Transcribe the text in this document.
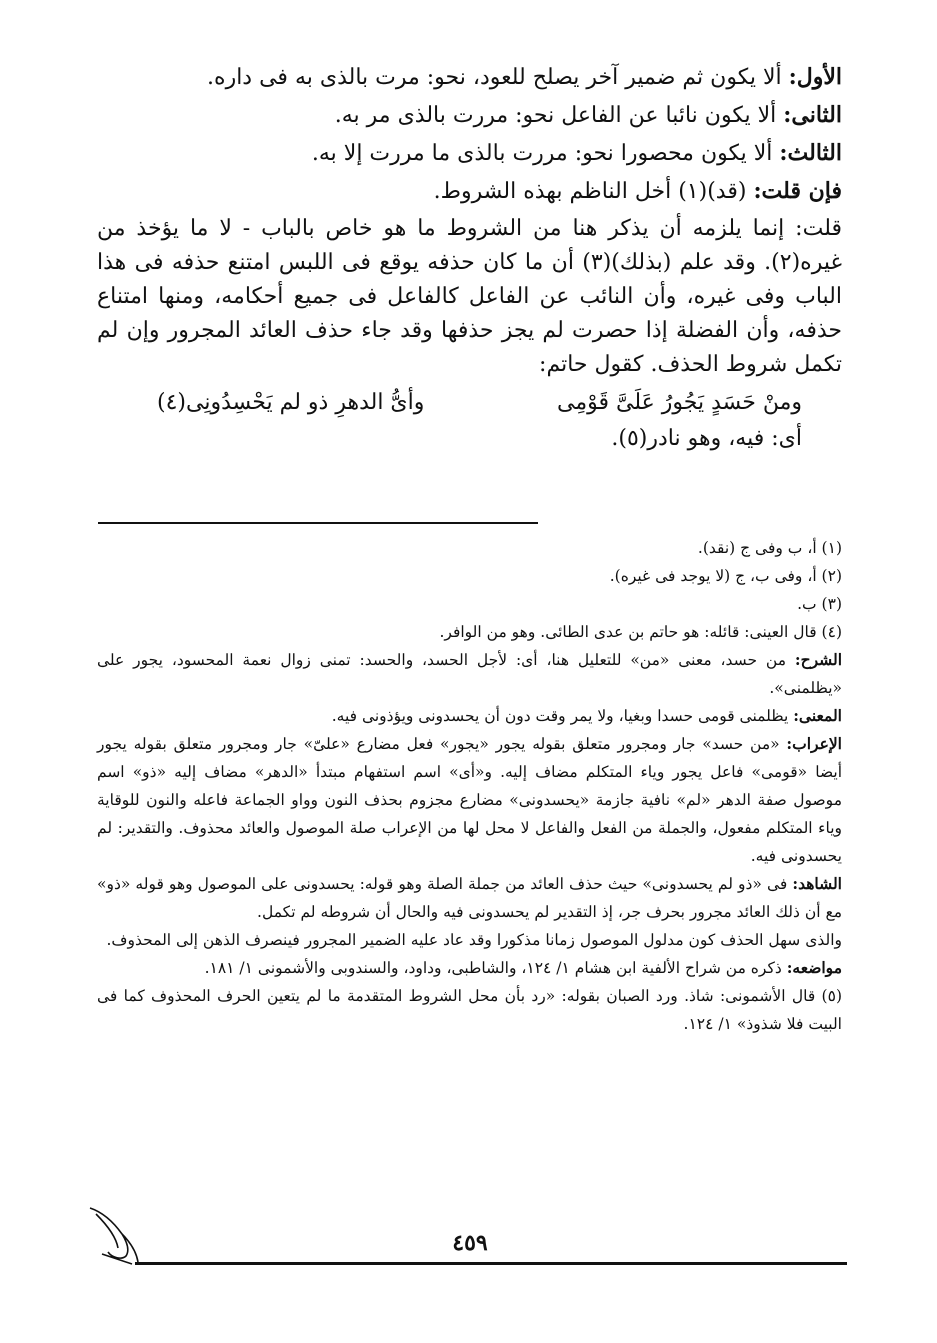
الأول: ألا يكون ثم ضمير آخر يصلح للعود، نحو: مرت بالذى به فى داره.

الثانى: ألا يكون نائبا عن الفاعل نحو: مررت بالذى مر به.

الثالث: ألا يكون محصورا نحو: مررت بالذى ما مررت إلا به.

فإن قلت: (قد)(١) أخل الناظم بهذه الشروط.

قلت: إنما يلزمه أن يذكر هنا من الشروط ما هو خاص بالباب - لا ما يؤخذ من غيره(٢). وقد علم (بذلك)(٣) أن ما كان حذفه يوقع فى اللبس امتنع حذفه فى هذا الباب وفى غيره، وأن النائب عن الفاعل كالفاعل فى جميع أحكامه، ومنها امتناع حذفه، وأن الفضلة إذا حصرت لم يجز حذفها وقد جاء حذف العائد المجرور وإن لم تكمل شروط الحذف. كقول حاتم:

ومنْ حَسَدٍ يَجُورُ عَلَىَّ قَوْمِى
وأىُّ الدهرِ ذو لم يَحْسِدُونِى(٤)
أى: فيه، وهو نادر(٥).

(١) أ، ب وفى ج (نقد).

(٢) أ، وفى ب، ج (لا يوجد فى غيره).

(٣) ب.

(٤) قال العينى: قائله: هو حاتم بن عدى الطائى. وهو من الوافر.

الشرح: من حسد، معنى «من» للتعليل هنا، أى: لأجل الحسد، والحسد: تمنى زوال نعمة المحسود، يجور على «يظلمنى».

المعنى: يظلمنى قومى حسدا وبغيا، ولا يمر وقت دون أن يحسدونى ويؤذونى فيه.

الإعراب: «من حسد» جار ومجرور متعلق بقوله يجور «يجور» فعل مضارع «علىّ» جار ومجرور متعلق بقوله يجور أيضا «قومى» فاعل يجور وياء المتكلم مضاف إليه. و«أى» اسم استفهام مبتدأ «الدهر» مضاف إليه «ذو» اسم موصول صفة الدهر «لم» نافية جازمة «يحسدونى» مضارع مجزوم بحذف النون وواو الجماعة فاعله والنون للوقاية وياء المتكلم مفعول، والجملة من الفعل والفاعل لا محل لها من الإعراب صلة الموصول والعائد محذوف. والتقدير: لم يحسدونى فيه.

الشاهد: فى «ذو لم يحسدونى» حيث حذف العائد من جملة الصلة وهو قوله: يحسدونى على الموصول وهو قوله «ذو» مع أن ذلك العائد مجرور بحرف جر، إذ التقدير لم يحسدونى فيه والحال أن شروطه لم تكمل.

والذى سهل الحذف كون مدلول الموصول زمانا مذكورا وقد عاد عليه الضمير المجرور فينصرف الذهن إلى المحذوف.

مواضعه: ذكره من شراح الألفية ابن هشام ١/ ١٢٤، والشاطبى، وداود، والسندوبى والأشمونى ١/ ١٨١.

(٥) قال الأشمونى: شاذ. ورد الصبان بقوله: «رد بأن محل الشروط المتقدمة ما لم يتعين الحرف المحذوف كما فى البيت فلا شذوذ» ١/ ١٢٤.

٤٥٩
